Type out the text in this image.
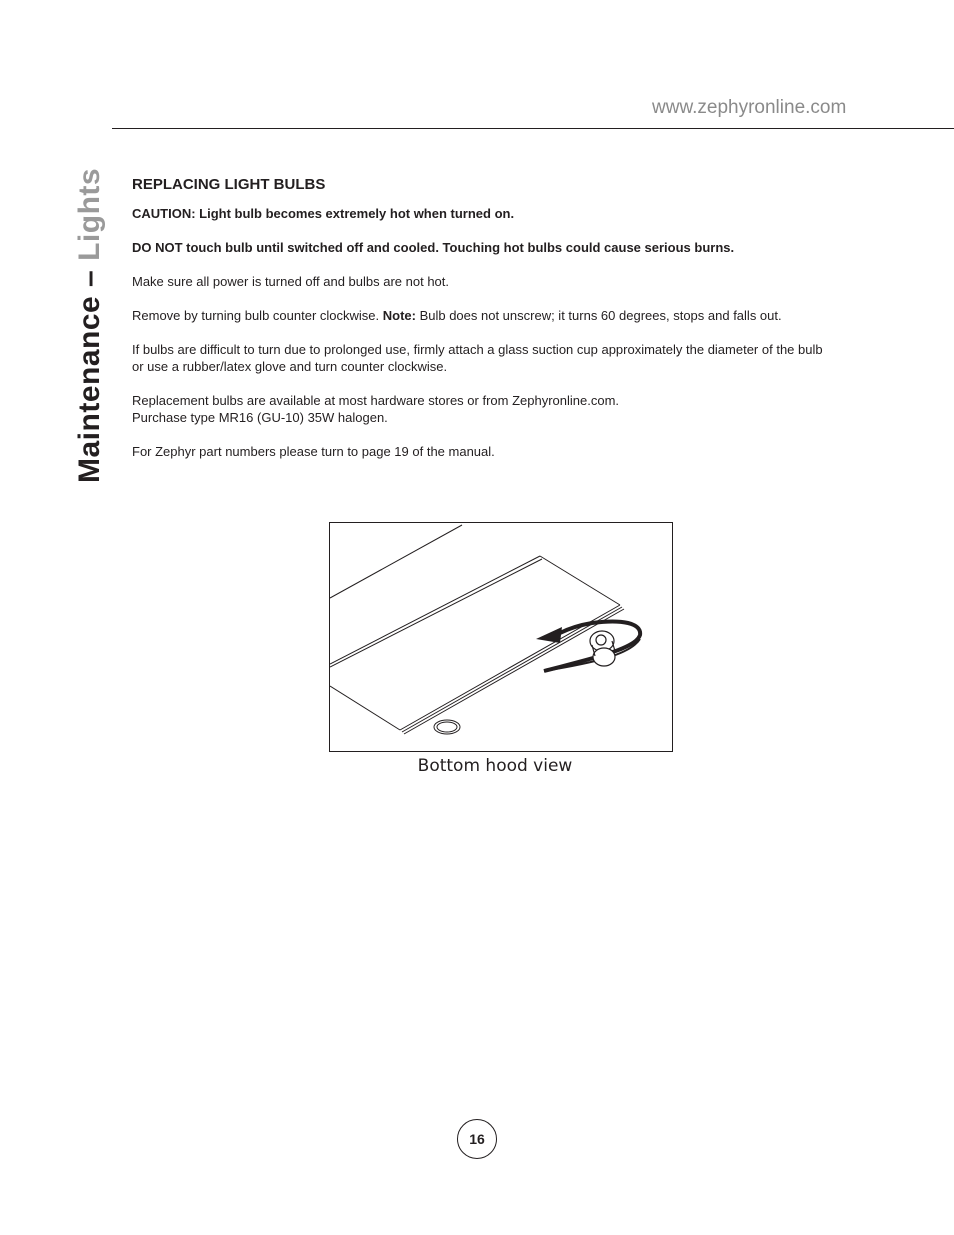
www.zephyronline.com
Maintenance – Lights REPLACING LIGHT BULBS

CAUTION: Light bulb becomes extremely hot when turned on.

DO NOT touch bulb until switched off and cooled. Touching hot bulbs could cause serious burns.

Make sure all power is turned off and bulbs are not hot.

Remove by turning bulb counter clockwise. Note: Bulb does not unscrew; it turns 60 degrees, stops and falls out.

If bulbs are difficult to turn due to prolonged use, firmly attach a glass suction cup approximately the diameter of the bulb or use a rubber/latex glove and turn counter clockwise.

Replacement bulbs are available at most hardware stores or from Zephyronline.com.
Purchase type MR16 (GU-10) 35W halogen.

For Zephyr part numbers please turn to page 19 of the manual.

Bottom hood view
16
